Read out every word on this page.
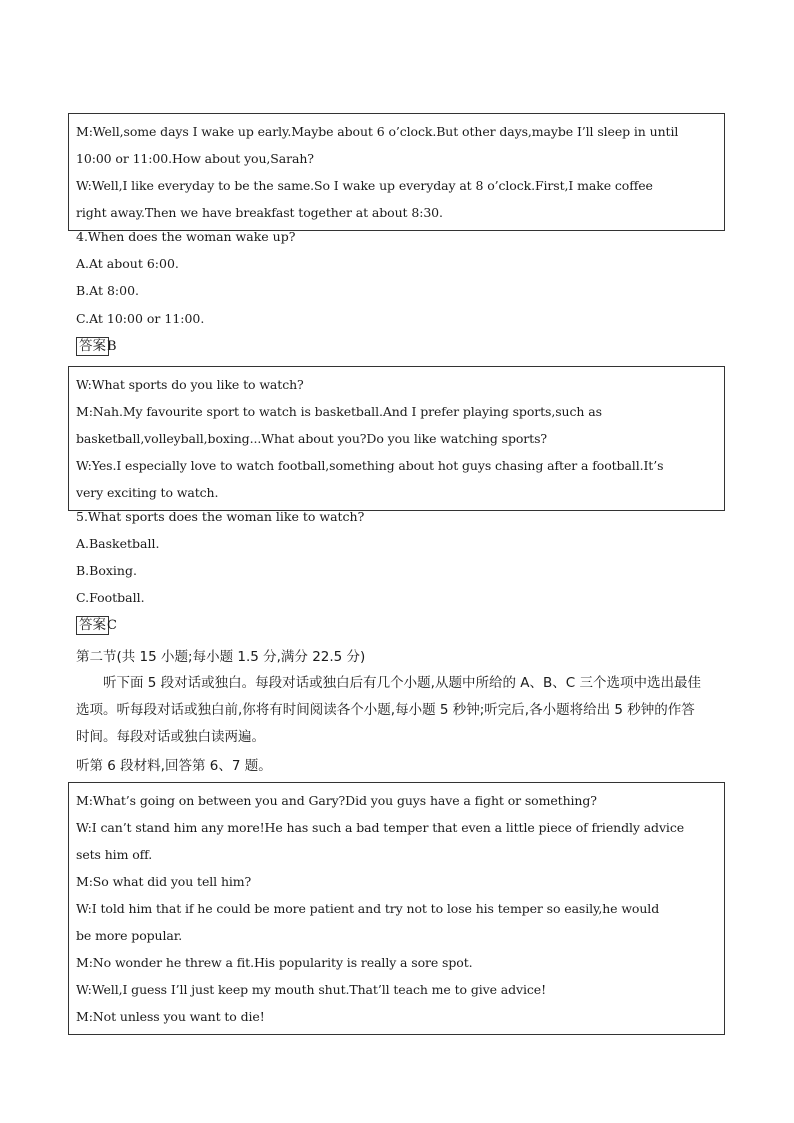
M:Well,some days I wake up early.Maybe about 6 o’clock.But other days,maybe I’ll sleep in until
10:00 or 11:00.How about you,Sarah?
W:Well,I like everyday to be the same.So I wake up everyday at 8 o’clock.First,I make coffee
right away.Then we have breakfast together at about 8:30.
4.When does the woman wake up?
A.At about 6:00.
B.At 8:00.
C.At 10:00 or 11:00.
答案B
W:What sports do you like to watch?
M:Nah.My favourite sport to watch is basketball.And I prefer playing sports,such as
basketball,volleyball,boxing...What about you?Do you like watching sports?
W:Yes.I especially love to watch football,something about hot guys chasing after a football.It’s
very exciting to watch.
5.What sports does the woman like to watch?
A.Basketball.
B.Boxing.
C.Football.
答案C
第二节(共 15 小题;每小题 1.5 分,满分 22.5 分)
听下面 5 段对话或独白。每段对话或独白后有几个小题,从题中所给的 A、B、C 三个选项中选出最佳
选项。听每段对话或独白前,你将有时间阅读各个小题,每小题 5 秒钟;听完后,各小题将给出 5 秒钟的作答
时间。每段对话或独白读两遍。
听第 6 段材料,回答第 6、7 题。
M:What’s going on between you and Gary?Did you guys have a fight or something?
W:I can’t stand him any more!He has such a bad temper that even a little piece of friendly advice
sets him off.
M:So what did you tell him?
W:I told him that if he could be more patient and try not to lose his temper so easily,he would
be more popular.
M:No wonder he threw a fit.His popularity is really a sore spot.
W:Well,I guess I’ll just keep my mouth shut.That’ll teach me to give advice!
M:Not unless you want to die!
